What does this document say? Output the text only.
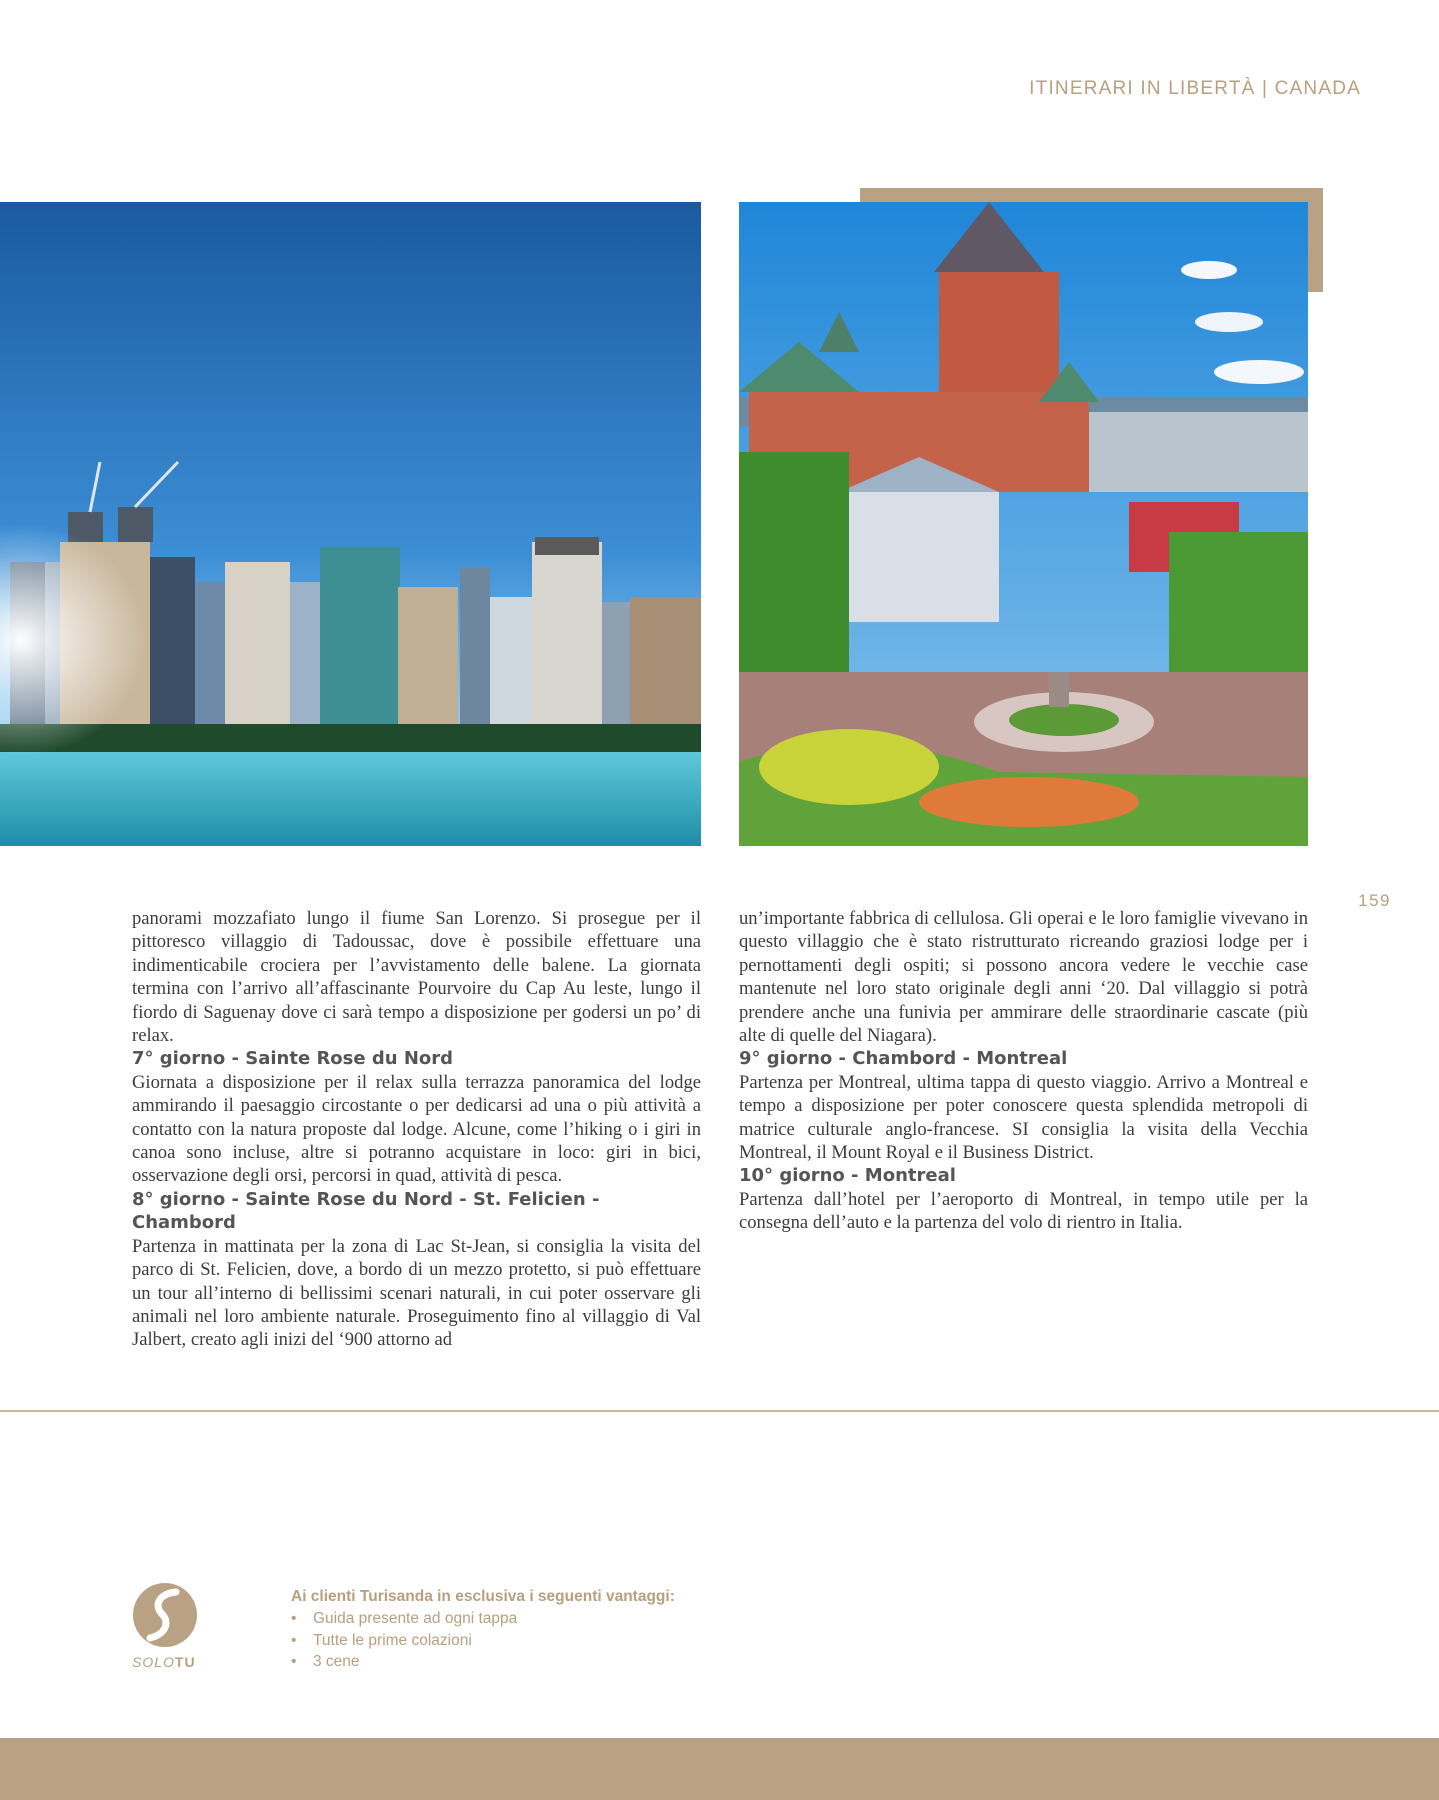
ITINERARI IN LIBERTÀ | CANADA
159

panorami mozzafiato lungo il fiume San Lorenzo. Si prosegue per il pittoresco villaggio di Tadoussac, dove è possibile effettuare una indimenticabile crociera per l’avvistamento delle balene. La giornata termina con l’arrivo all’affascinante Pourvoire du Cap Au leste, lungo il fiordo di Saguenay dove ci sarà tempo a disposizione per godersi un po’ di relax.

7° giorno - Sainte Rose du Nord

Giornata a disposizione per il relax sulla terrazza panoramica del lodge ammirando il paesaggio circostante o per dedicarsi ad una o più attività a contatto con la natura proposte dal lodge. Alcune, come l’hiking o i giri in canoa sono incluse, altre si potranno acquistare in loco: giri in bici, osservazione degli orsi, percorsi in quad, attività di pesca.

8° giorno - Sainte Rose du Nord - St. Felicien - Chambord

Partenza in mattinata per la zona di Lac St-Jean, si consiglia la visita del parco di St. Felicien, dove, a bordo di un mezzo protetto, si può effettuare un tour all’interno di bellissimi scenari naturali, in cui poter osservare gli animali nel loro ambiente naturale. Proseguimento fino al villaggio di Val Jalbert, creato agli inizi del ‘900 attorno ad

un’importante fabbrica di cellulosa. Gli operai e le loro famiglie vivevano in questo villaggio che è stato ristrutturato ricreando graziosi lodge per i pernottamenti degli ospiti; si possono ancora vedere le vecchie case mantenute nel loro stato originale degli anni ‘20. Dal villaggio si potrà prendere anche una funivia per ammirare delle straordinarie cascate (più alte di quelle del Niagara).

9° giorno - Chambord - Montreal

Partenza per Montreal, ultima tappa di questo viaggio. Arrivo a Montreal e tempo a disposizione per poter conoscere questa splendida metropoli di matrice culturale anglo-francese. SI consiglia la visita della Vecchia Montreal, il Mount Royal e il Business District.

10° giorno - Montreal

Partenza dall’hotel per l’aeroporto di Montreal, in tempo utile per la consegna dell’auto e la partenza del volo di rientro in Italia.

SOLOTU
Ai clienti Turisanda in esclusiva i seguenti vantaggi:
• Guida presente ad ogni tappa
• Tutte le prime colazioni
• 3 cene
